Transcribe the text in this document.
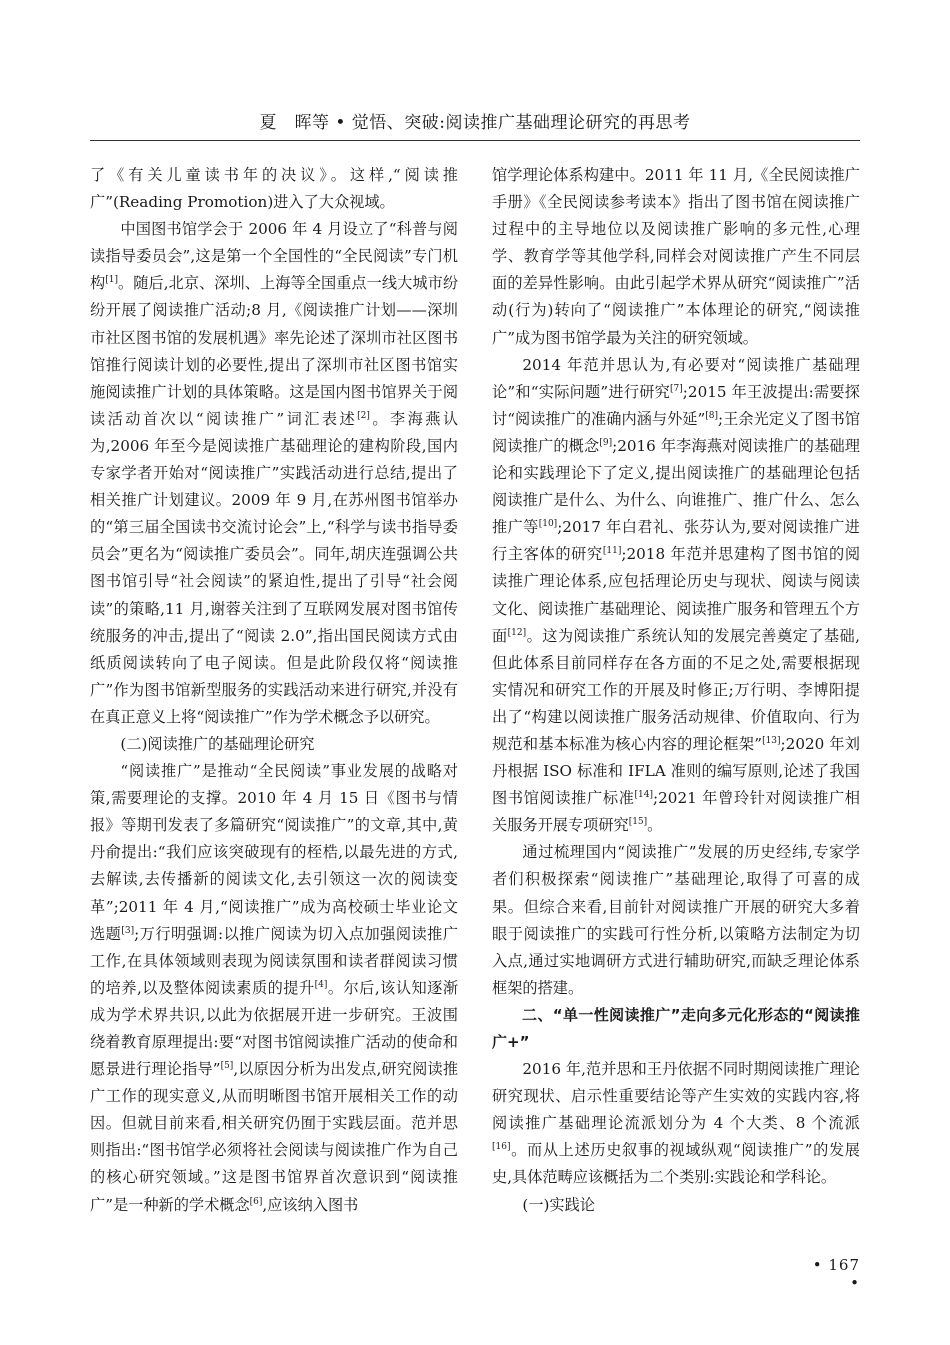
夏　晖等 • 觉悟、突破:阅读推广基础理论研究的再思考

了《有关儿童读书年的决议》。这样,“阅读推广”(Reading Promotion)进入了大众视域。

中国图书馆学会于 2006 年 4 月设立了“科普与阅读指导委员会”,这是第一个全国性的“全民阅读”专门机构[1]。随后,北京、深圳、上海等全国重点一线大城市纷纷开展了阅读推广活动;8 月,《阅读推广计划——深圳市社区图书馆的发展机遇》率先论述了深圳市社区图书馆推行阅读计划的必要性,提出了深圳市社区图书馆实施阅读推广计划的具体策略。这是国内图书馆界关于阅读活动首次以“阅读推广”词汇表述[2]。李海燕认为,2006 年至今是阅读推广基础理论的建构阶段,国内专家学者开始对“阅读推广”实践活动进行总结,提出了相关推广计划建议。2009 年 9 月,在苏州图书馆举办的“第三届全国读书交流讨论会”上,“科学与读书指导委员会”更名为“阅读推广委员会”。同年,胡庆连强调公共图书馆引导“社会阅读”的紧迫性,提出了引导“社会阅读”的策略,11 月,谢蓉关注到了互联网发展对图书馆传统服务的冲击,提出了“阅读 2.0”,指出国民阅读方式由纸质阅读转向了电子阅读。但是此阶段仅将“阅读推广”作为图书馆新型服务的实践活动来进行研究,并没有在真正意义上将“阅读推广”作为学术概念予以研究。

(二)阅读推广的基础理论研究

“阅读推广”是推动“全民阅读”事业发展的战略对策,需要理论的支撑。2010 年 4 月 15 日《图书与情报》等期刊发表了多篇研究“阅读推广”的文章,其中,黄丹俞提出:“我们应该突破现有的桎梏,以最先进的方式,去解读,去传播新的阅读文化,去引领这一次的阅读变革”;2011 年 4 月,“阅读推广”成为高校硕士毕业论文选题[3];万行明强调:以推广阅读为切入点加强阅读推广工作,在具体领域则表现为阅读氛围和读者群阅读习惯的培养,以及整体阅读素质的提升[4]。尔后,该认知逐渐成为学术界共识,以此为依据展开进一步研究。王波围绕着教育原理提出:要“对图书馆阅读推广活动的使命和愿景进行理论指导”[5],以原因分析为出发点,研究阅读推广工作的现实意义,从而明晰图书馆开展相关工作的动因。但就目前来看,相关研究仍囿于实践层面。范并思则指出:“图书馆学必须将社会阅读与阅读推广作为自己的核心研究领域。”这是图书馆界首次意识到“阅读推广”是一种新的学术概念[6],应该纳入图书

馆学理论体系构建中。2011 年 11 月,《全民阅读推广手册》《全民阅读参考读本》指出了图书馆在阅读推广过程中的主导地位以及阅读推广影响的多元性,心理学、教育学等其他学科,同样会对阅读推广产生不同层面的差异性影响。由此引起学术界从研究“阅读推广”活动(行为)转向了“阅读推广”本体理论的研究,“阅读推广”成为图书馆学最为关注的研究领域。

2014 年范并思认为,有必要对“阅读推广基础理论”和“实际问题”进行研究[7];2015 年王波提出:需要探讨“阅读推广的准确内涵与外延”[8];王余光定义了图书馆阅读推广的概念[9];2016 年李海燕对阅读推广的基础理论和实践理论下了定义,提出阅读推广的基础理论包括阅读推广是什么、为什么、向谁推广、推广什么、怎么推广等[10];2017 年白君礼、张芬认为,要对阅读推广进行主客体的研究[11];2018 年范并思建构了图书馆的阅读推广理论体系,应包括理论历史与现状、阅读与阅读文化、阅读推广基础理论、阅读推广服务和管理五个方面[12]。这为阅读推广系统认知的发展完善奠定了基础,但此体系目前同样存在各方面的不足之处,需要根据现实情况和研究工作的开展及时修正;万行明、李博阳提出了“构建以阅读推广服务活动规律、价值取向、行为规范和基本标准为核心内容的理论框架”[13];2020 年刘丹根据 ISO 标准和 IFLA 准则的编写原则,论述了我国图书馆阅读推广标准[14];2021 年曾玲针对阅读推广相关服务开展专项研究[15]。

通过梳理国内“阅读推广”发展的历史经纬,专家学者们积极探索“阅读推广”基础理论,取得了可喜的成果。但综合来看,目前针对阅读推广开展的研究大多着眼于阅读推广的实践可行性分析,以策略方法制定为切入点,通过实地调研方式进行辅助研究,而缺乏理论体系框架的搭建。

二、“单一性阅读推广”走向多元化形态的“阅读推广+”

2016 年,范并思和王丹依据不同时期阅读推广理论研究现状、启示性重要结论等产生实效的实践内容,将阅读推广基础理论流派划分为 4 个大类、8 个流派[16]。而从上述历史叙事的视域纵观“阅读推广”的发展史,具体范畴应该概括为二个类别:实践论和学科论。

(一)实践论

• 167 •
